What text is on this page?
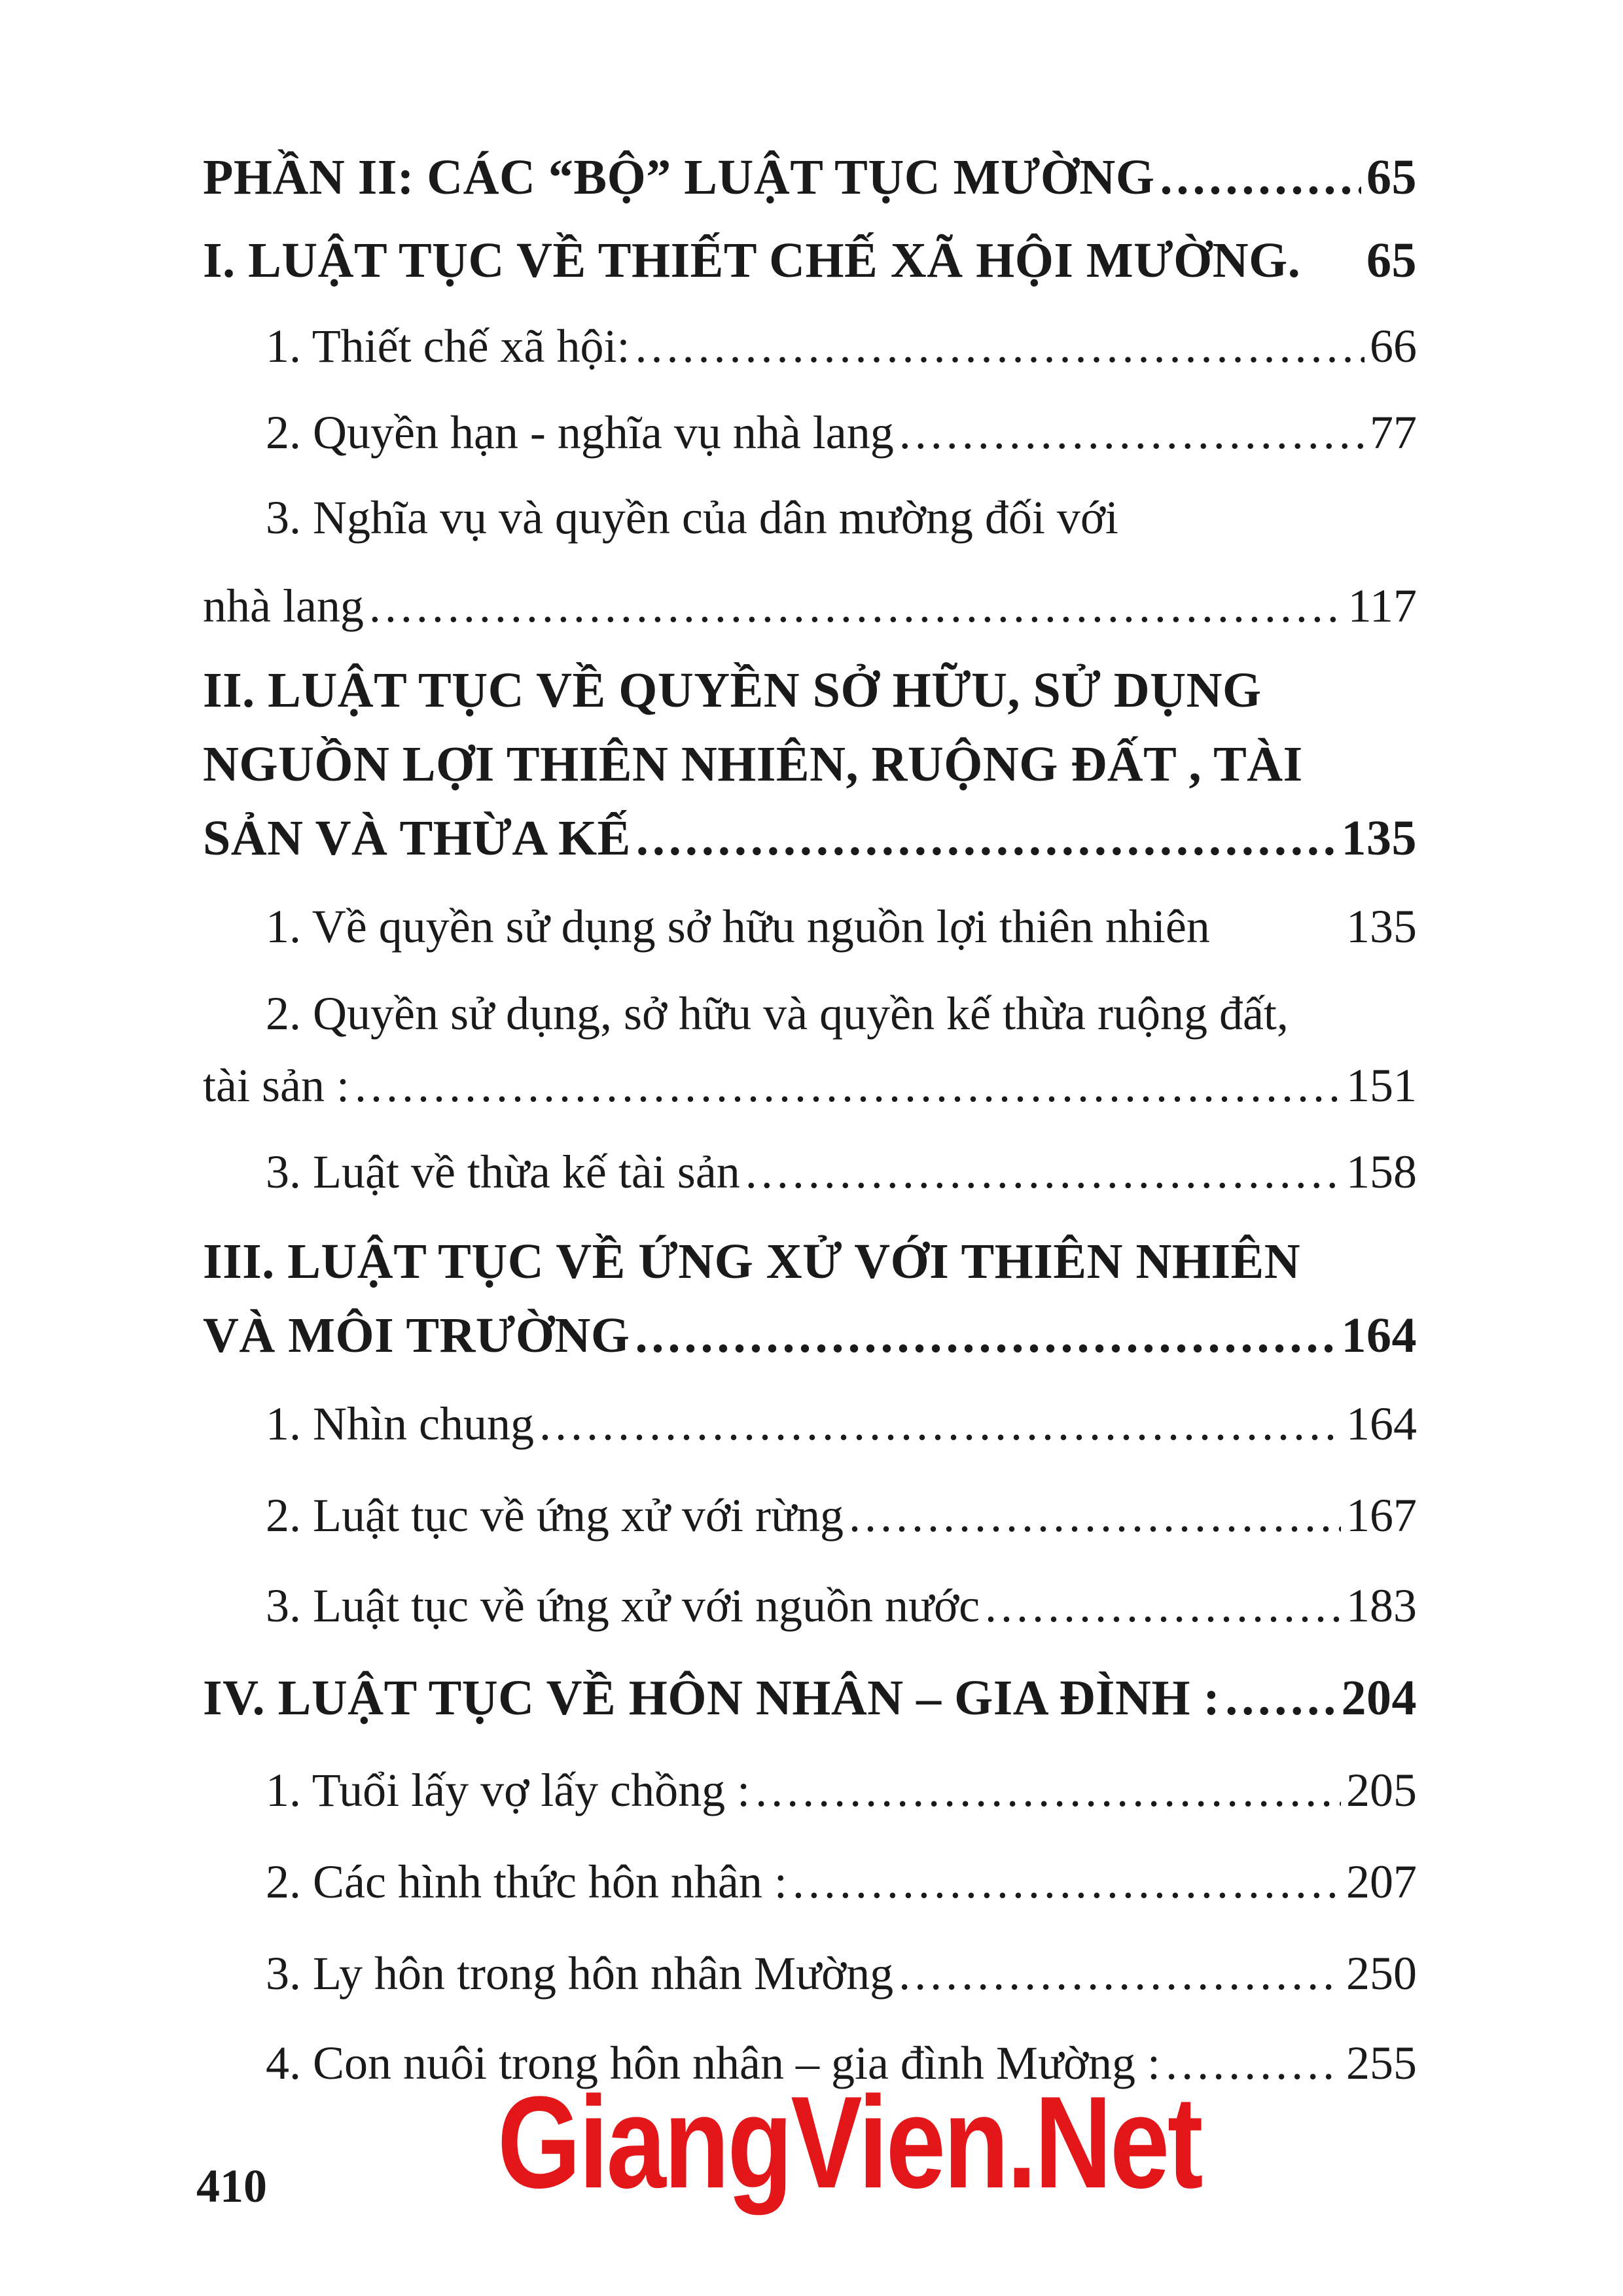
PHẦN II: CÁC “BỘ” LUẬT TỤC MƯỜNG .....	65
I. LUẬT TỤC VỀ THIẾT CHẾ XÃ HỘI MƯỜNG. 65
1. Thiết chế xã hội: .....	66
2. Quyền hạn - nghĩa vụ nhà lang .....	77
3. Nghĩa vụ và quyền của dân mường đối với
nhà lang .....	117
II. LUẬT TỤC VỀ QUYỀN SỞ HỮU, SỬ DỤNG
NGUỒN LỢI THIÊN NHIÊN, RUỘNG ĐẤT , TÀI
SẢN VÀ THỪA KẾ .....	135
1. Về quyền sử dụng sở hữu nguồn lợi thiên nhiên	135
2. Quyền sử dụng, sở hữu và quyền kế thừa ruộng đất,
tài sản : .....	151
3. Luật về thừa kế tài sản .....	158
III. LUẬT TỤC VỀ ỨNG XỬ VỚI THIÊN NHIÊN
VÀ MÔI TRƯỜNG .....	164
1. Nhìn chung .....	164
2. Luật tục về ứng xử với rừng .....	167
3. Luật tục về ứng xử với nguồn nước .....	183
IV. LUẬT TỤC VỀ HÔN NHÂN – GIA ĐÌNH : ..... 204
1. Tuổi lấy vợ lấy chồng : .....	205
2. Các hình thức hôn nhân : .....	207
3. Ly hôn trong hôn nhân Mường .....	250
4. Con nuôi trong hôn nhân – gia đình Mường : .....	255
410 GiangVien.Net
